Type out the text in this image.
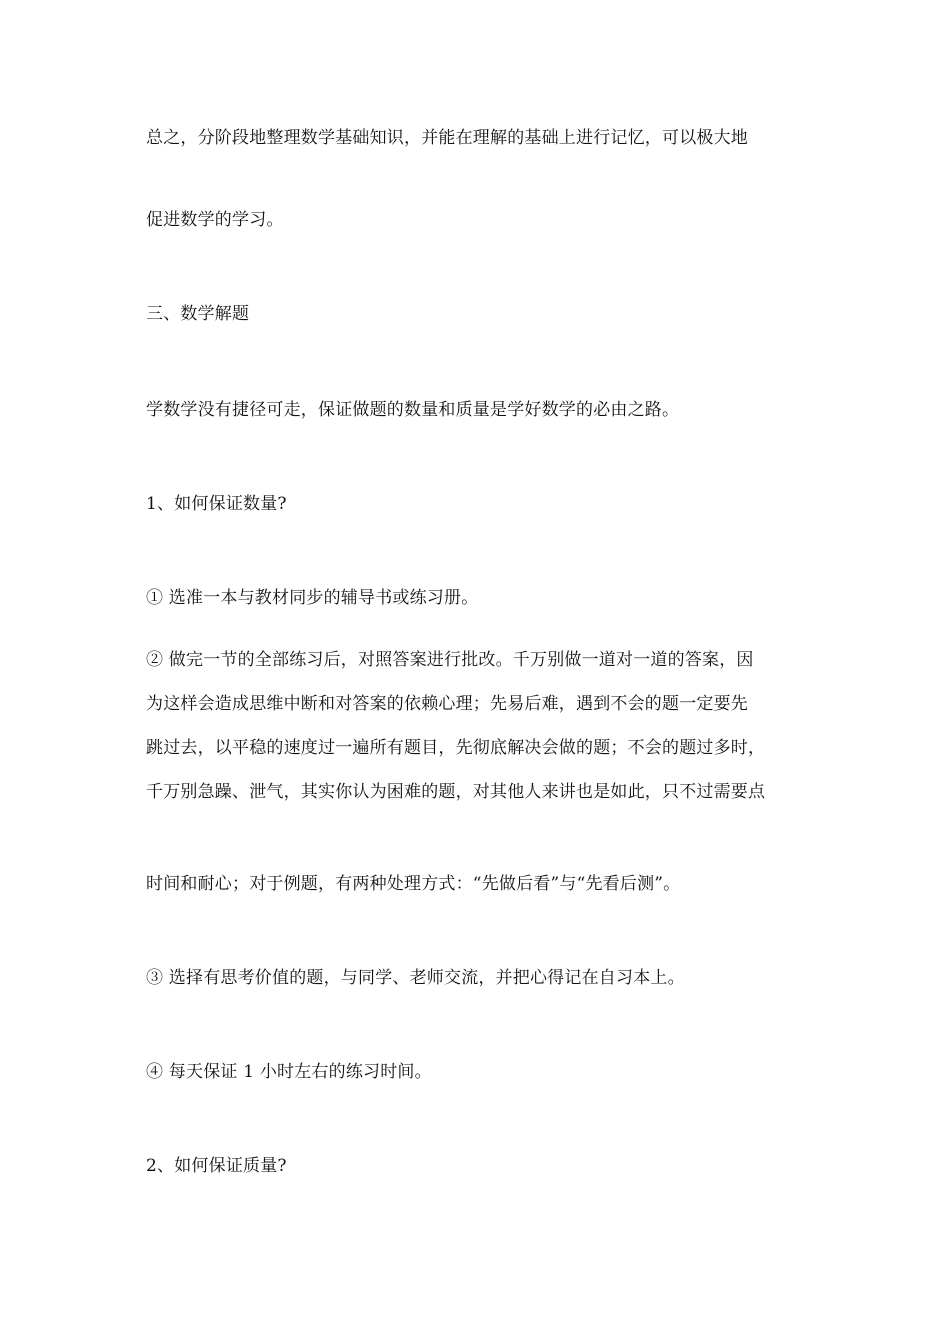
总之，分阶段地整理数学基础知识，并能在理解的基础上进行记忆，可以极大地
促进数学的学习。
三、数学解题
学数学没有捷径可走，保证做题的数量和质量是学好数学的必由之路。
1、如何保证数量?
① 选准一本与教材同步的辅导书或练习册。
② 做完一节的全部练习后，对照答案进行批改。千万别做一道对一道的答案，因
为这样会造成思维中断和对答案的依赖心理；先易后难，遇到不会的题一定要先
跳过去，以平稳的速度过一遍所有题目，先彻底解决会做的题；不会的题过多时，
千万别急躁、泄气，其实你认为困难的题，对其他人来讲也是如此，只不过需要点
时间和耐心；对于例题，有两种处理方式：“先做后看”与“先看后测”。
③ 选择有思考价值的题，与同学、老师交流，并把心得记在自习本上。
④ 每天保证 1 小时左右的练习时间。
2、如何保证质量?
